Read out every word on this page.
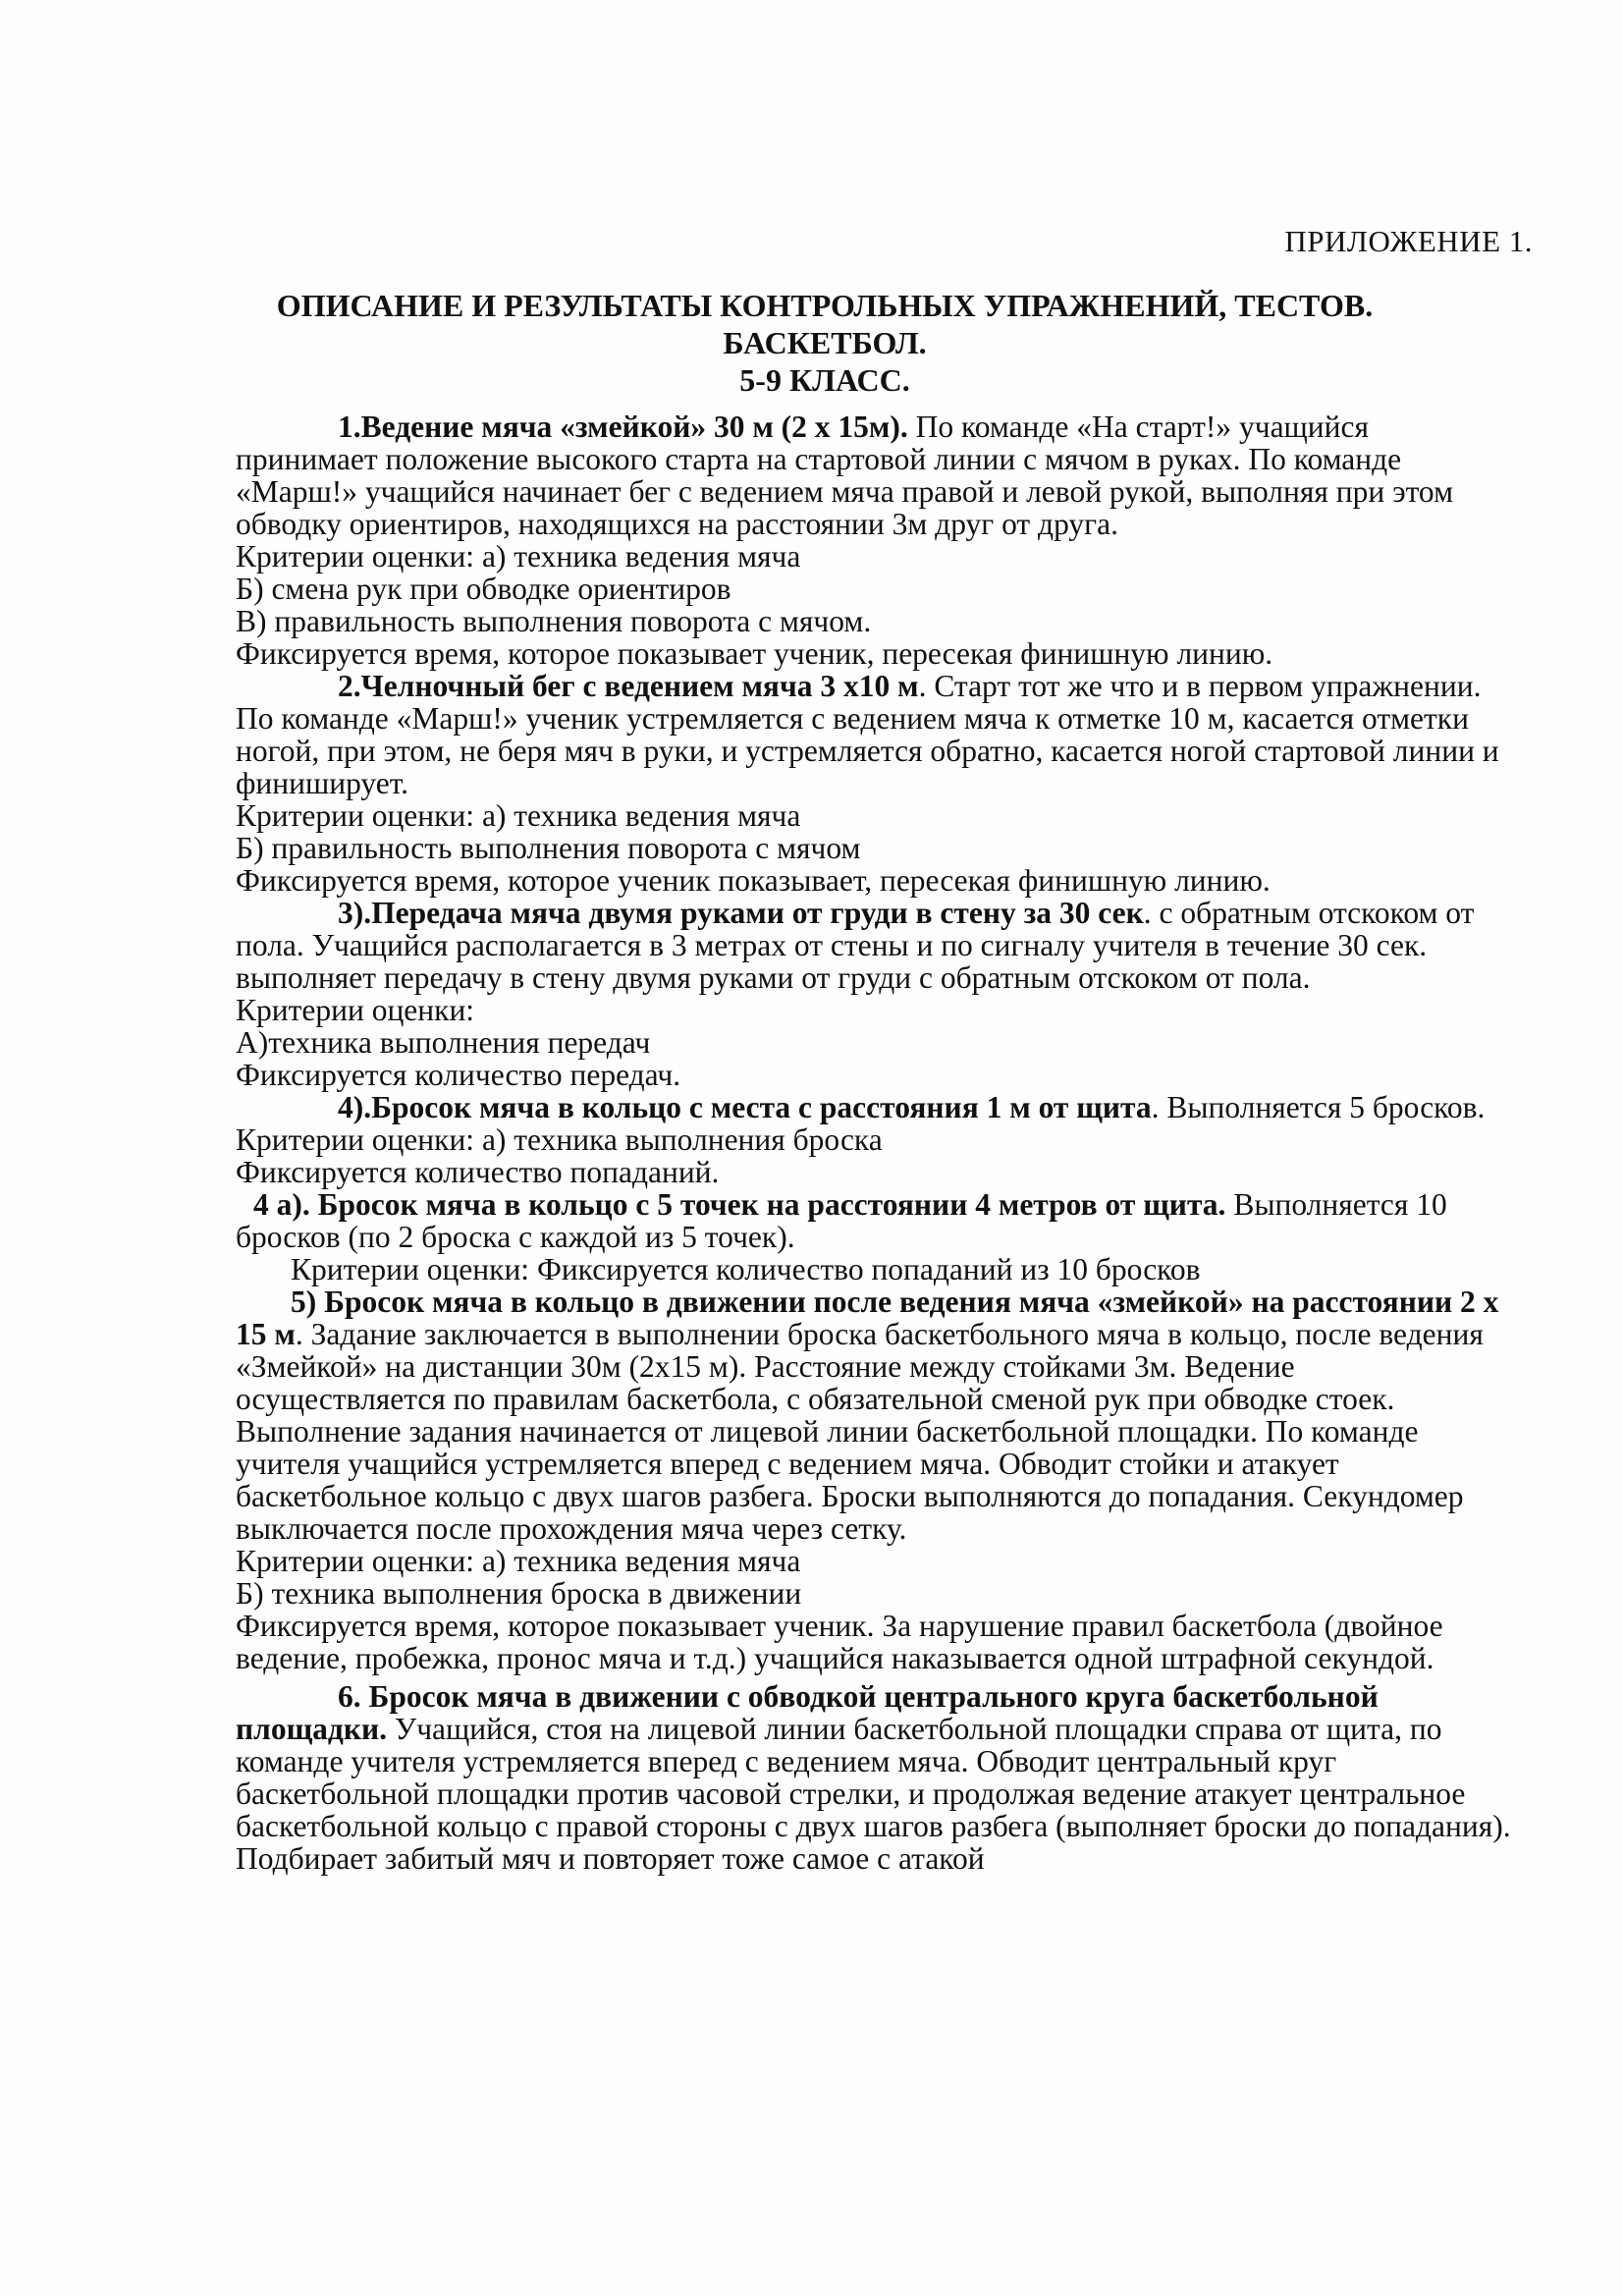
ПРИЛОЖЕНИЕ 1.
ОПИСАНИЕ И РЕЗУЛЬТАТЫ КОНТРОЛЬНЫХ УПРАЖНЕНИЙ, ТЕСТОВ.
БАСКЕТБОЛ.
5-9 КЛАСС.

1.Ведение мяча «змейкой» 30 м (2 х 15м). По команде «На старт!» учащийся принимает положение высокого старта на стартовой линии с мячом в руках. По команде «Марш!» учащийся начинает бег с ведением мяча правой и левой рукой, выполняя при этом обводку ориентиров, находящихся на расстоянии 3м друг от друга.

Критерии оценки: а) техника ведения мяча

Б) смена рук при обводке ориентиров

В) правильность выполнения поворота с мячом.

Фиксируется время, которое показывает ученик, пересекая финишную линию.

2.Челночный бег с ведением мяча 3 х10 м. Старт тот же что и в первом упражнении. По команде «Марш!» ученик устремляется с ведением мяча к отметке 10 м, касается отметки ногой, при этом, не беря мяч в руки, и устремляется обратно, касается ногой стартовой линии и финиширует.

Критерии оценки: а) техника ведения мяча

Б) правильность выполнения поворота с мячом

Фиксируется время, которое ученик показывает, пересекая финишную линию.

3).Передача мяча двумя руками от груди в стену за 30 сек. с обратным отскоком от пола. Учащийся располагается в 3 метрах от стены и по сигналу учителя в течение 30 сек. выполняет передачу в стену двумя руками от груди с обратным отскоком от пола.

Критерии оценки:

А)техника выполнения передач

Фиксируется количество передач.

4).Бросок мяча в кольцо с места с расстояния 1 м от щита. Выполняется 5 бросков. Критерии оценки: а) техника выполнения броска

Фиксируется количество попаданий.

4 а). Бросок мяча в кольцо с 5 точек на расстоянии 4 метров от щита. Выполняется 10 бросков (по 2 броска с каждой из 5 точек).

Критерии оценки: Фиксируется количество попаданий из 10 бросков

5) Бросок мяча в кольцо в движении после ведения мяча «змейкой» на расстоянии 2 х 15 м. Задание заключается в выполнении броска баскетбольного мяча в кольцо, после ведения «Змейкой» на дистанции 30м (2х15 м). Расстояние между стойками 3м. Ведение осуществляется по правилам баскетбола, с обязательной сменой рук при обводке стоек. Выполнение задания начинается от лицевой линии баскетбольной площадки. По команде учителя учащийся устремляется вперед с ведением мяча. Обводит стойки и атакует баскетбольное кольцо с двух шагов разбега. Броски выполняются до попадания. Секундомер выключается после прохождения мяча через сетку.

Критерии оценки: а) техника ведения мяча

Б) техника выполнения броска в движении

Фиксируется время, которое показывает ученик. За нарушение правил баскетбола (двойное ведение, пробежка, пронос мяча и т.д.) учащийся наказывается одной штрафной секундой.

6. Бросок мяча в движении с обводкой центрального круга баскетбольной площадки. Учащийся, стоя на лицевой линии баскетбольной площадки справа от щита, по команде учителя устремляется вперед с ведением мяча. Обводит центральный круг баскетбольной площадки против часовой стрелки, и продолжая ведение атакует центральное баскетбольной кольцо с правой стороны с двух шагов разбега (выполняет броски до попадания). Подбирает забитый мяч и повторяет тоже самое с атакой
